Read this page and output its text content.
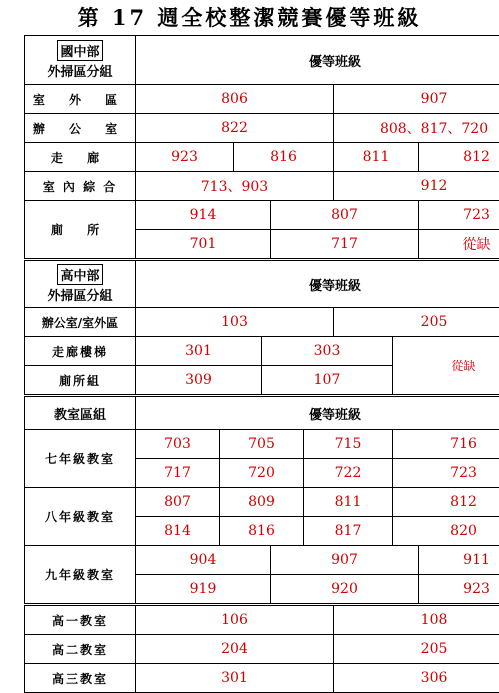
第 17 週全校整潔競賽優等班級
國中部
外掃區分組	優等班級								
室 外 區	806						907		
辦 公 室	822						808、817、720		
走 廊	923		816				811		812
室 內 綜 合	713、903						912		
廁 所	914				807				723
	701				717				從缺
高中部
外掃區分組	優等班級								
辦公室/室外區	103						205		
走廊樓梯	301			303				從缺	
廁所組	309			107					
教室區組	優等班級								
七年級教室	703	705				715		716	
	717	720				722		723	
八年級教室	807	809				811		812	
	814	816				817		820	
九年級教室	904				907				911
	919				920				923
高一教室	106						108		
高二教室	204						205		
高三教室	301						306		
